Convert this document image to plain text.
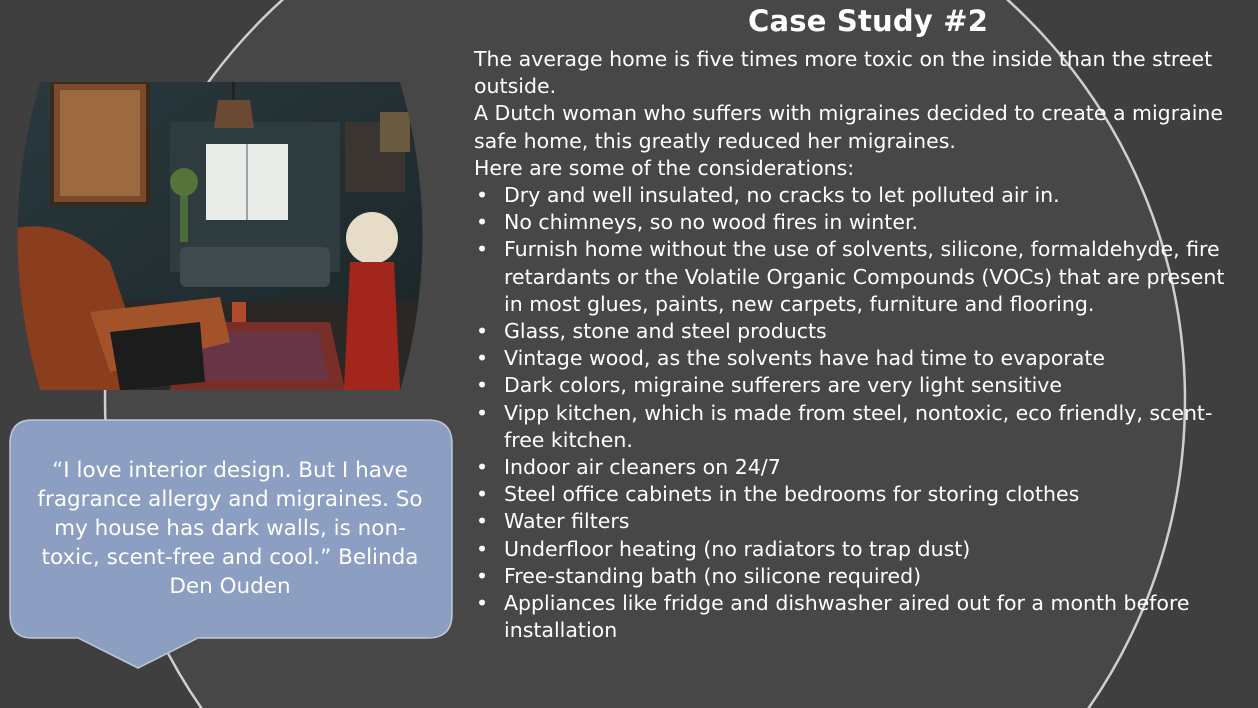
“I love interior design. But I have fragrance allergy and migraines. So my house has dark walls, is non-toxic, scent-free and cool.” Belinda Den Ouden
Case Study #2

The average home is five times more toxic on the inside than the street outside.

A Dutch woman who suffers with migraines decided to create a migraine safe home, this greatly reduced her migraines.

Here are some of the considerations:

• Dry and well insulated, no cracks to let polluted air in.
• No chimneys, so no wood fires in winter.
• Furnish home without the use of solvents, silicone, formaldehyde, fire retardants or the Volatile Organic Compounds (VOCs) that are present in most glues, paints, new carpets, furniture and flooring.
• Glass, stone and steel products
• Vintage wood, as the solvents have had time to evaporate
• Dark colors, migraine sufferers are very light sensitive
• Vipp kitchen, which is made from steel, nontoxic, eco friendly, scent-free kitchen.
• Indoor air cleaners on 24/7
• Steel office cabinets in the bedrooms for storing clothes
• Water filters
• Underfloor heating (no radiators to trap dust)
• Free-standing bath (no silicone required)
• Appliances like fridge and dishwasher aired out for a month before installation
